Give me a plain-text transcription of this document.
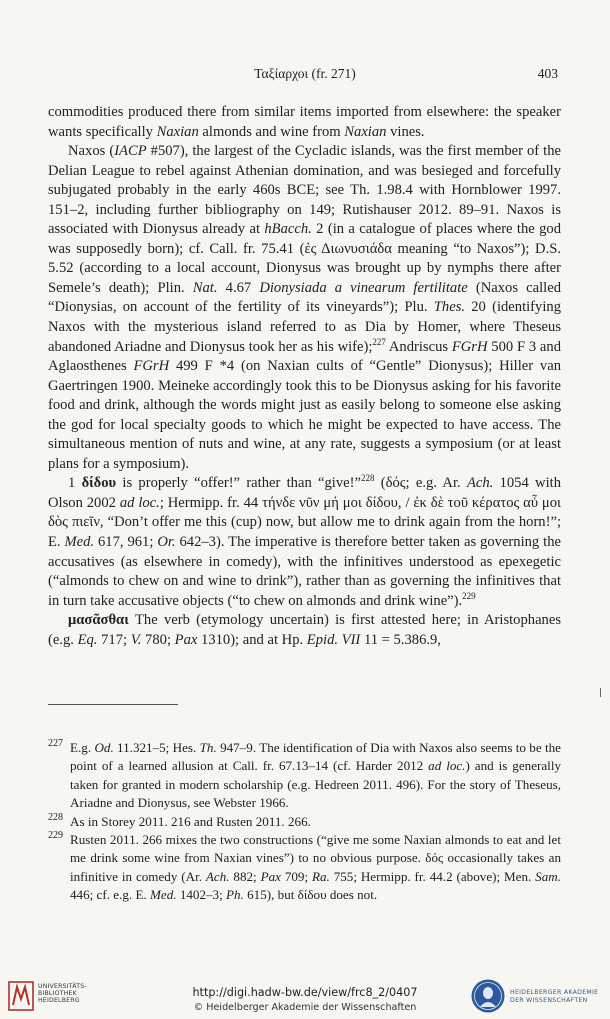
Ταξίαρχοι (fr. 271)	403

commodities produced there from similar items imported from elsewhere: the speaker wants specifically Naxian almonds and wine from Naxian vines.

Naxos (IACP #507), the largest of the Cycladic islands, was the first member of the Delian League to rebel against Athenian domination, and was besieged and forcefully subjugated probably in the early 460s BCE; see Th. 1.98.4 with Hornblower 1997. 151–2, including further bibliography on 149; Rutishauser 2012. 89–91. Naxos is associated with Dionysus already at hBacch. 2 (in a catalogue of places where the god was supposedly born); cf. Call. fr. 75.41 (ἐς Διωνυσιάδα meaning “to Naxos”); D.S. 5.52 (according to a local account, Dionysus was brought up by nymphs there after Semele’s death); Plin. Nat. 4.67 Dionysiada a vinearum fertilitate (Naxos called “Dionysias, on account of the fertility of its vineyards”); Plu. Thes. 20 (identifying Naxos with the mysterious island referred to as Dia by Homer, where Theseus abandoned Ariadne and Dionysus took her as his wife);$^{227}$ Andriscus FGrH 500 F 3 and Aglaosthenes FGrH 499 F *4 (on Naxian cults of “Gentle” Dionysus); Hiller van Gaertringen 1900. Meineke accordingly took this to be Dionysus asking for his favorite food and drink, although the words might just as easily belong to someone else asking the god for local specialty goods to which he might be expected to have access. The simultaneous mention of nuts and wine, at any rate, suggests a symposium (or at least plans for a symposium).

1 δίδου is properly “offer!” rather than “give!”$^{228}$ (δός; e.g. Ar. Ach. 1054 with Olson 2002 ad loc.; Hermipp. fr. 44 τήνδε νῦν μή μοι δίδου, / ἐκ δὲ τοῦ κέρατος αὖ μοι δὸς πιεῖν, “Don’t offer me this (cup) now, but allow me to drink again from the horn!”; E. Med. 617, 961; Or. 642–3). The imperative is therefore better taken as governing the accusatives (as elsewhere in comedy), with the infinitives understood as epexegetic (“almonds to chew on and wine to drink”), rather than as governing the infinitives that in turn take accusative objects (“to chew on almonds and drink wine”).$^{229}$

μασᾶσθαι The verb (etymology uncertain) is first attested here; in Aristophanes (e.g. Eq. 717; V. 780; Pax 1310); and at Hp. Epid. VII 11 = 5.386.9,

227 E.g. Od. 11.321–5; Hes. Th. 947–9. The identification of Dia with Naxos also seems to be the point of a learned allusion at Call. fr. 67.13–14 (cf. Harder 2012 ad loc.) and is generally taken for granted in modern scholarship (e.g. Hedreen 2011. 496). For the story of Theseus, Ariadne and Dionysus, see Webster 1966.
228 As in Storey 2011. 216 and Rusten 2011. 266.
229 Rusten 2011. 266 mixes the two constructions (“give me some Naxian almonds to eat and let me drink some wine from Naxian vines”) to no obvious purpose. δός occasionally takes an infinitive in comedy (Ar. Ach. 882; Pax 709; Ra. 755; Hermipp. fr. 44.2 (above); Men. Sam. 446; cf. e.g. E. Med. 1402–3; Ph. 615), but δίδου does not.
UNIVERSITÄTS-
BIBLIOTHEK
HEIDELBERG
http://digi.hadw-bw.de/view/frc8_2/0407
© Heidelberger Akademie der Wissenschaften
HEIDELBERGER AKADEMIE
DER WISSENSCHAFTEN
